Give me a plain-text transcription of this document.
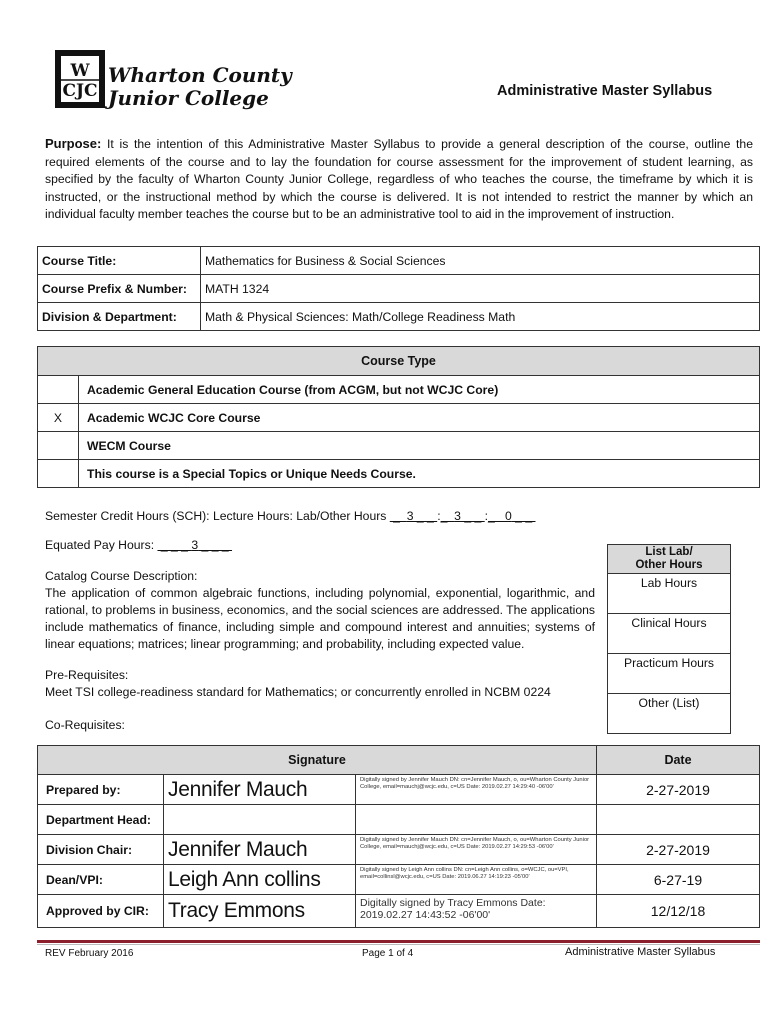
W
CJC
Wharton County
Junior College	Administrative Master Syllabus
Purpose: It is the intention of this Administrative Master Syllabus to provide a general description of the course, outline the required elements of the course and to lay the foundation for course assessment for the improvement of student learning, as specified by the faculty of Wharton County Junior College, regardless of who teaches the course, the timeframe by which it is instructed, or the instructional method by which the course is delivered. It is not intended to restrict the manner by which an individual faculty member teaches the course but to be an administrative tool to aid in the improvement of instruction.
Course Title:	Mathematics for Business & Social Sciences
Course Prefix & Number:	MATH 1324
Division & Department:	Math & Physical Sciences: Math/College Readiness Math
Course Type	
	Academic General Education Course (from ACGM, but not WCJC Core)
X	Academic WCJC Core Course
	WECM Course
	This course is a Special Topics or Unique Needs Course.
Semester Credit Hours (SCH): Lecture Hours: Lab/Other Hours  _  3 _ _ :_  3 _ _ :_   0 _ _
Equated Pay Hours:  _ _ _ 3 _ _ _	List Lab/
Other Hours
Lab Hours
Clinical Hours
Practicum Hours
Other (List)

Catalog Course Description:

The application of common algebraic functions, including polynomial, exponential, logarithmic, and rational, to problems in business, economics, and the social sciences are addressed. The applications include mathematics of finance, including simple and compound interest and annuities; systems of linear equations; matrices; linear programming; and probability, including expected value.

Pre-Requisites:
Meet TSI college-readiness standard for Mathematics; or concurrently enrolled in NCBM 0224
Co-Requisites:
Signature			Date
Prepared by:	Jennifer Mauch	Digitally signed by Jennifer Mauch DN: cn=Jennifer Mauch, o, ou=Wharton County Junior College, email=mauchj@wcjc.edu, c=US Date: 2019.02.27 14:29:40 -06'00'	2-27-2019
Department Head:			
Division Chair:	Jennifer Mauch	Digitally signed by Jennifer Mauch DN: cn=Jennifer Mauch, o, ou=Wharton County Junior College, email=mauchj@wcjc.edu, c=US Date: 2019.02.27 14:29:53 -06'00'	2-27-2019
Dean/VPI:	Leigh Ann collins	Digitally signed by Leigh Ann collins DN: cn=Leigh Ann collins, o=WCJC, ou=VPI, email=collinsl@wcjc.edu, c=US Date: 2019.06.27 14:19:23 -05'00'	6-27-19
Approved by CIR:	Tracy Emmons	Digitally signed by Tracy Emmons Date: 2019.02.27 14:43:52 -06'00'	12/12/18
REV February 2016	Page 1 of 4	Administrative Master Syllabus
